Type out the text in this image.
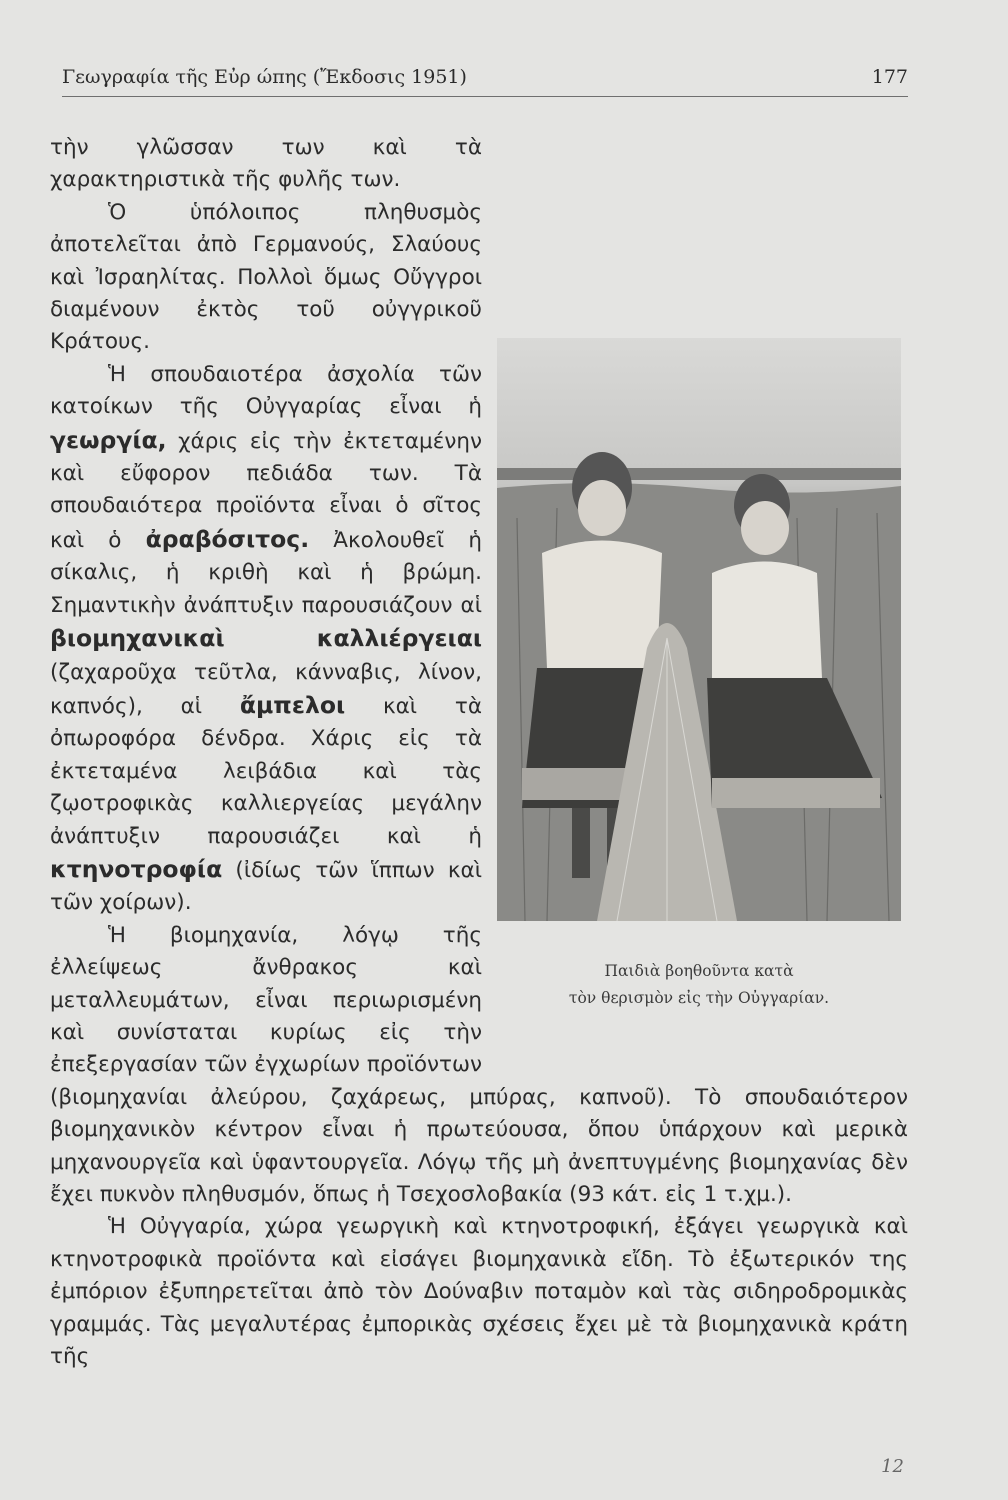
Γεωγραφία τῆς Εὐρ ώπης (Ἔκδοσις 1951)	177

τὴν γλῶσσαν των καὶ τὰ χαρακτηριστικὰ τῆς φυλῆς των.

Ὁ ὑπόλοιπος πληθυσμὸς ἀποτελεῖται ἀπὸ Γερμανούς, Σλαύους καὶ Ἰσραηλίτας. Πολλοὶ ὅμως Οὔγγροι διαμένουν ἐκτὸς τοῦ οὐγγρικοῦ Κράτους.

Ἡ σπουδαιοτέρα ἀσχολία τῶν κατοίκων τῆς Οὐγγαρίας εἶναι ἡ γεωργία, χάρις εἰς τὴν ἐκτεταμένην καὶ εὔφορον πεδιάδα των. Τὰ σπουδαιότερα προϊόντα εἶναι ὁ σῖτος καὶ ὁ ἀραβόσιτος. Ἀκολουθεῖ ἡ σίκαλις, ἡ κριθὴ καὶ ἡ βρώμη. Σημαντικὴν ἀνάπτυξιν παρουσιάζουν αἱ βιομηχανικαὶ καλλιέργειαι (ζαχαροῦχα τεῦτλα, κάνναβις, λίνον, καπνός), αἱ ἄμπελοι καὶ τὰ ὀπωροφόρα δένδρα. Χάρις εἰς τὰ ἐκτεταμένα λειβάδια καὶ τὰς ζῳοτροφικὰς καλλιεργείας μεγάλην ἀνάπτυξιν παρουσιάζει καὶ ἡ κτηνοτροφία (ἰδίως τῶν ἵππων καὶ τῶν χοίρων).

Ἡ βιομηχανία, λόγῳ τῆς ἐλλείψεως ἄνθρακος καὶ μεταλλευμάτων, εἶναι περιωρισμένη καὶ συνίσταται κυρίως εἰς τὴν ἐπεξεργασίαν τῶν ἐγχωρίων προϊόντων (βιομηχανίαι ἀλεύρου, ζαχάρεως, μπύρας, καπνοῦ). Τὸ σπουδαιότερον βιομηχανικὸν κέντρον εἶναι ἡ πρωτεύουσα, ὅπου ὑπάρχουν καὶ μερικὰ μηχανουργεῖα καὶ ὑφαντουργεῖα. Λόγῳ τῆς μὴ ἀνεπτυγμένης βιομηχανίας δὲν ἔχει πυκνὸν πληθυσμόν, ὅπως ἡ Τσεχοσλοβακία (93 κάτ. εἰς 1 τ.χμ.).

Ἡ Οὐγγαρία, χώρα γεωργικὴ καὶ κτηνοτροφική, ἐξάγει γεωργικὰ καὶ κτηνοτροφικὰ προϊόντα καὶ εἰσάγει βιομηχανικὰ εἴδη. Τὸ ἐξωτερικόν της ἐμπόριον ἐξυπηρετεῖται ἀπὸ τὸν Δούναβιν ποταμὸν καὶ τὰς σιδηροδρομικὰς γραμμάς. Τὰς μεγαλυτέρας ἐμπορικὰς σχέσεις ἔχει μὲ τὰ βιομηχανικὰ κράτη τῆς

Παιδιὰ βοηθοῦντα κατὰ
τὸν θερισμὸν εἰς τὴν Οὐγγαρίαν.
12
